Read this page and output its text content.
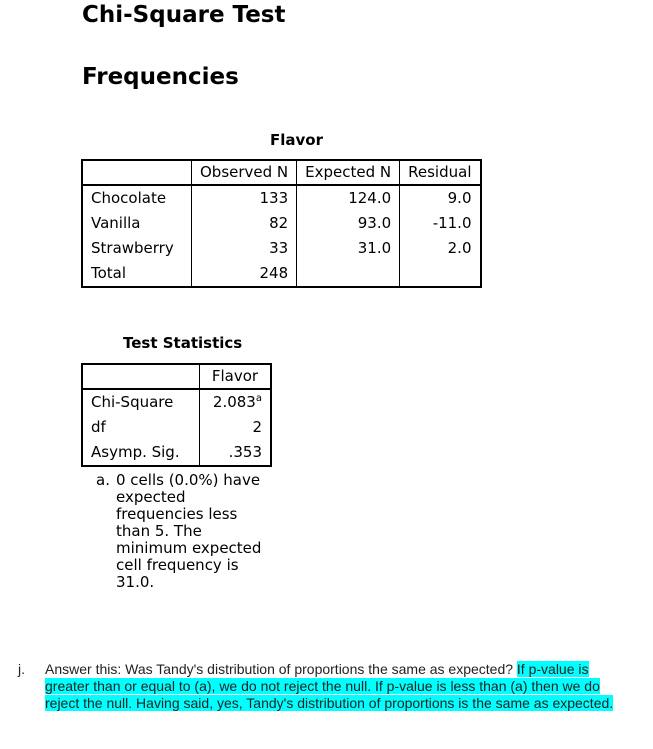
Chi-Square Test
Frequencies
Flavor
	Observed N	Expected N	Residual
Chocolate	133	124.0	9.0
Vanilla	82	93.0	-11.0
Strawberry	33	31.0	2.0
Total	248		
Test Statistics
	Flavor
Chi-Square	2.083$^a$
df	2
Asymp. Sig.	.353
a. 0 cells (0.0%) have expected frequencies less than 5. The minimum expected cell frequency is 31.0.
j. Answer this: Was Tandy's distribution of proportions the same as expected? If p-value is greater than or equal to (a), we do not reject the null. If p-value is less than (a) then we do reject the null. Having said, yes, Tandy's distribution of proportions is the same as expected.
